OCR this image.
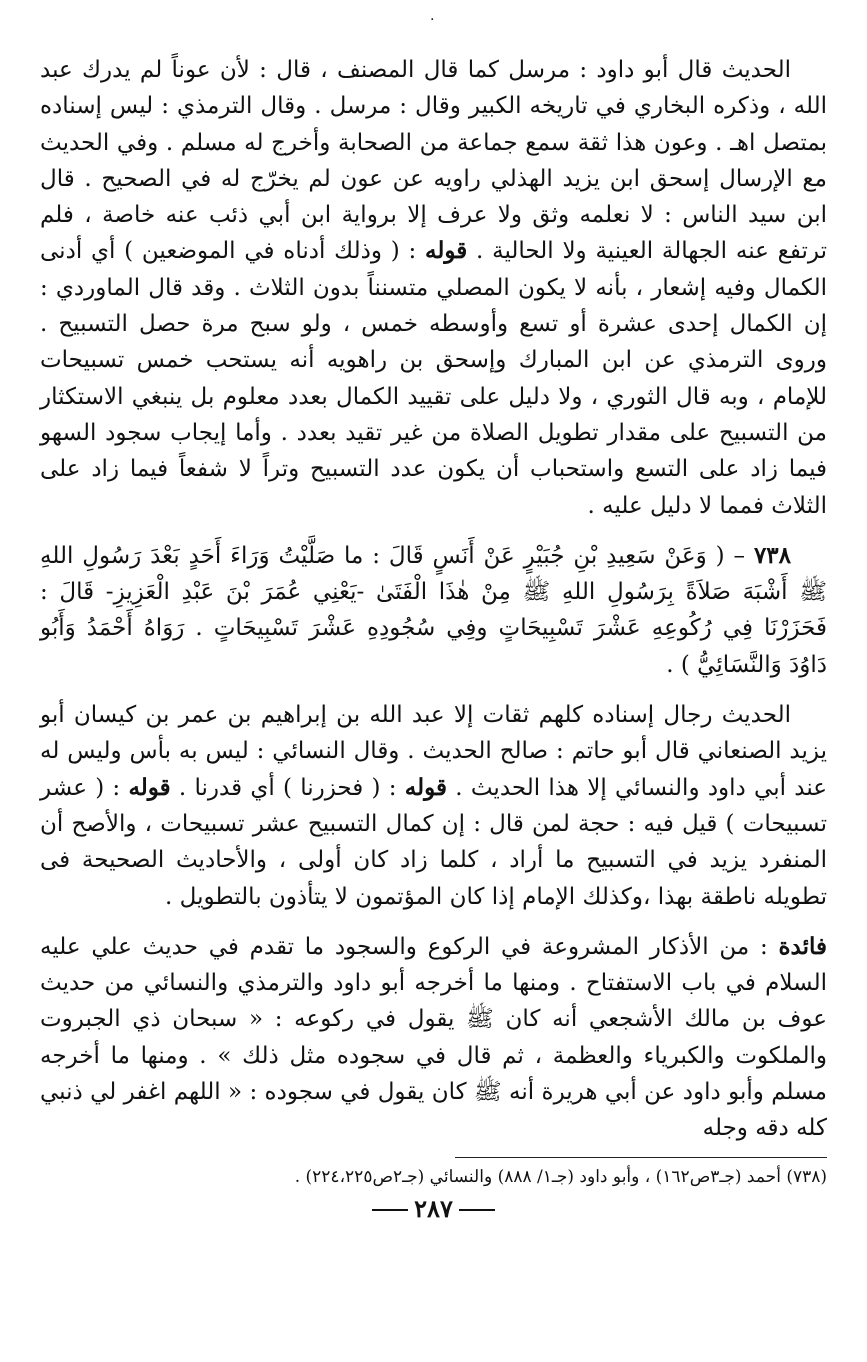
.

الحديث قال أبو داود : مرسل كما قال المصنف ، قال : لأن عوناً لم يدرك عبد الله ، وذكره البخاري في تاريخه الكبير وقال : مرسل . وقال الترمذي : ليس إسناده بمتصل اهـ . وعون هذا ثقة سمع جماعة من الصحابة وأخرج له مسلم . وفي الحديث مع الإرسال إسحق ابن يزيد الهذلي راويه عن عون لم يخرّج له في الصحيح . قال ابن سيد الناس : لا نعلمه وثق ولا عرف إلا برواية ابن أبي ذئب عنه خاصة ، فلم ترتفع عنه الجهالة العينية ولا الحالية . قوله : ( وذلك أدناه في الموضعين ) أي أدنى الكمال وفيه إشعار ، بأنه لا يكون المصلي متسنناً بدون الثلاث . وقد قال الماوردي : إن الكمال إحدى عشرة أو تسع وأوسطه خمس ، ولو سبح مرة حصل التسبيح . وروى الترمذي عن ابن المبارك وإسحق بن راهويه أنه يستحب خمس تسبيحات للإمام ، وبه قال الثوري ، ولا دليل على تقييد الكمال بعدد معلوم بل ينبغي الاستكثار من التسبيح على مقدار تطويل الصلاة من غير تقيد بعدد . وأما إيجاب سجود السهو فيما زاد على التسع واستحباب أن يكون عدد التسبيح وتراً لا شفعاً فيما زاد على الثلاث فمما لا دليل عليه .

٧٣٨ – ( وَعَنْ سَعِيدِ بْنِ جُبَيْرٍ عَنْ أَنَسٍ قَالَ : ما صَلَّيْتُ وَرَاءَ أَحَدٍ بَعْدَ رَسُولِ اللهِ ﷺ أَشْبَهَ صَلاَةً بِرَسُولِ اللهِ ﷺ مِنْ هٰذَا الْفَتَىٰ -يَعْنِي عُمَرَ بْنَ عَبْدِ الْعَزِيزِ- قَالَ : فَحَزَرْنَا فِي رُكُوعِهِ عَشْرَ تَسْبِيحَاتٍ وفِي سُجُودِهِ عَشْرَ تَسْبِيحَاتٍ . رَوَاهُ أَحْمَدُ وَأَبُو دَاوُدَ وَالنَّسَائِيُّ ) .

الحديث رجال إسناده كلهم ثقات إلا عبد الله بن إبراهيم بن عمر بن كيسان أبو يزيد الصنعاني قال أبو حاتم : صالح الحديث . وقال النسائي : ليس به بأس وليس له عند أبي داود والنسائي إلا هذا الحديث . قوله : ( فحزرنا ) أي قدرنا . قوله : ( عشر تسبيحات ) قيل فيه : حجة لمن قال : إن كمال التسبيح عشر تسبيحات ، والأصح أن المنفرد يزيد في التسبيح ما أراد ، كلما زاد كان أولى ، والأحاديث الصحيحة فى تطويله ناطقة بهذا ،وكذلك الإمام إذا كان المؤتمون لا يتأذون بالتطويل .

فائدة : من الأذكار المشروعة في الركوع والسجود ما تقدم في حديث علي عليه السلام في باب الاستفتاح . ومنها ما أخرجه أبو داود والترمذي والنسائي من حديث عوف بن مالك الأشجعي أنه كان ﷺ يقول في ركوعه : « سبحان ذي الجبروت والملكوت والكبرياء والعظمة ، ثم قال في سجوده مثل ذلك » . ومنها ما أخرجه مسلم وأبو داود عن أبي هريرة أنه ﷺ كان يقول في سجوده : « اللهم اغفر لي ذنبي كله دقه وجله

(٧٣٨) أحمد (جـ٣ص١٦٢) ، وأبو داود (جـ١/ ٨٨٨) والنسائي (جـ٢ص٢٢٤،٢٢٥) .

٢٨٧
